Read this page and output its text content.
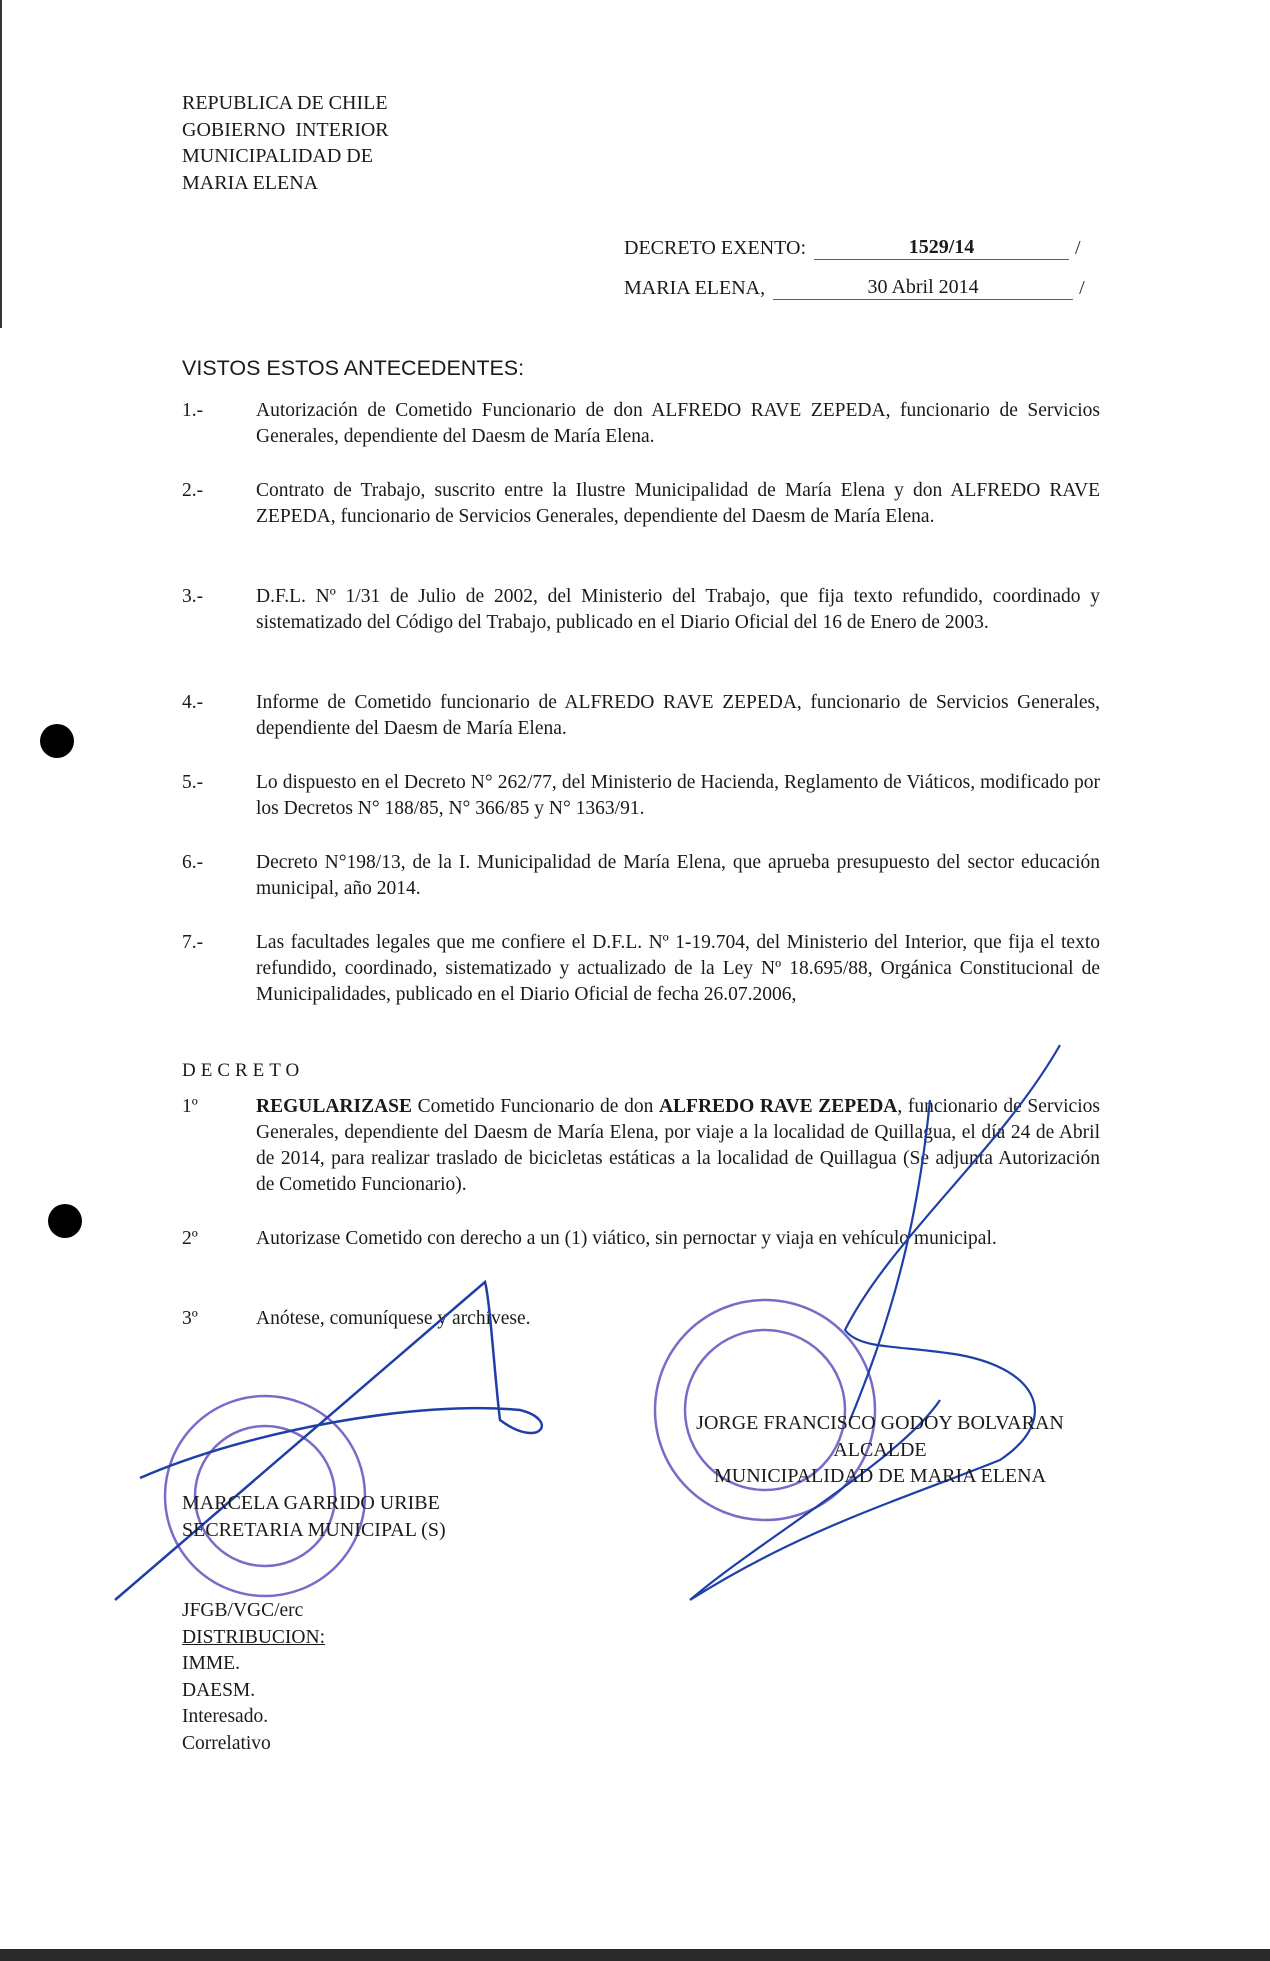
REPUBLICA DE CHILE
GOBIERNO  INTERIOR
MUNICIPALIDAD DE
MARIA ELENA
DECRETO EXENTO:	1529/14	/
MARIA ELENA,	30 Abril 2014	/
VISTOS ESTOS ANTECEDENTES:
1.-	Autorización de Cometido Funcionario de don ALFREDO RAVE ZEPEDA, funcionario de Servicios Generales, dependiente del Daesm de María Elena.
2.-	Contrato de Trabajo, suscrito entre la Ilustre Municipalidad de María Elena y don ALFREDO RAVE ZEPEDA, funcionario de Servicios Generales, dependiente del Daesm de María Elena.
3.-	D.F.L. Nº 1/31 de Julio de 2002, del Ministerio del Trabajo, que fija texto refundido, coordinado y sistematizado del Código del Trabajo, publicado en el Diario Oficial del 16 de Enero de 2003.
4.-	Informe de Cometido funcionario de ALFREDO RAVE ZEPEDA, funcionario de Servicios Generales, dependiente del Daesm de María Elena.
5.-	Lo dispuesto en el Decreto N° 262/77, del Ministerio de Hacienda, Reglamento de Viáticos, modificado por los Decretos N° 188/85, N° 366/85 y N° 1363/91.
6.-	Decreto N°198/13, de la I. Municipalidad de María Elena, que aprueba presupuesto del sector educación municipal, año 2014.
7.-	Las facultades legales que me confiere el D.F.L. Nº 1-19.704, del Ministerio del Interior, que fija el texto refundido, coordinado, sistematizado y actualizado de la Ley Nº 18.695/88, Orgánica Constitucional de Municipalidades, publicado en el Diario Oficial de fecha 26.07.2006,
DECRETO
1º	REGULARIZASE Cometido Funcionario de don ALFREDO RAVE ZEPEDA, funcionario de Servicios Generales, dependiente del Daesm de María Elena, por viaje a la localidad de Quillagua, el día 24 de Abril de 2014, para realizar traslado de bicicletas estáticas a la localidad de Quillagua (Se adjunta Autorización de Cometido Funcionario).
2º	Autorizase Cometido con derecho a un (1) viático, sin pernoctar y viaja en vehículo municipal.
3º	Anótese, comuníquese y archívese.
JORGE FRANCISCO GODOY BOLVARAN
ALCALDE
MUNICIPALIDAD DE MARIA ELENA
MARCELA GARRIDO URIBE
SECRETARIA MUNICIPAL (S)
JFGB/VGC/erc
DISTRIBUCION:
IMME.
DAESM.
Interesado.
Correlativo
